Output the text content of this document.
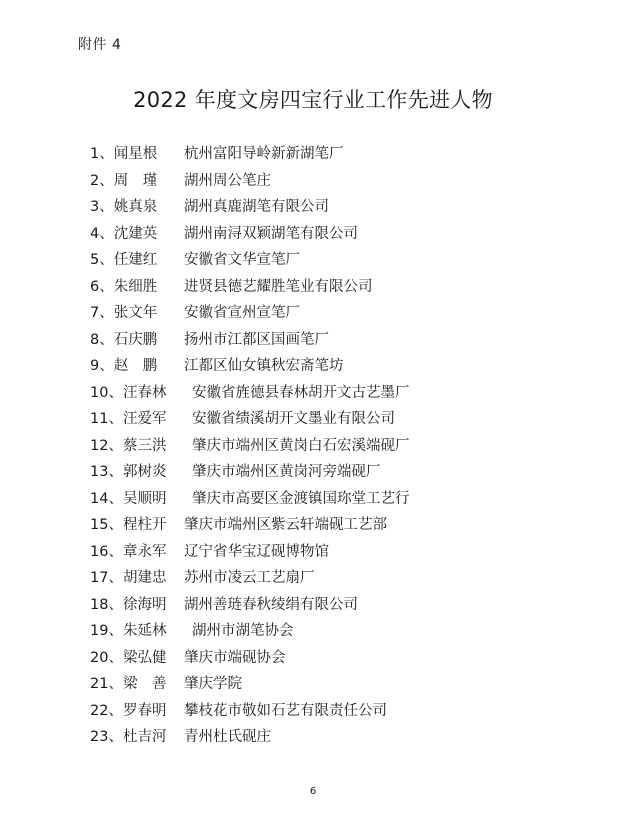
附件 4
2022 年度文房四宝行业工作先进人物
1、闻星根 杭州富阳导岭新新湖笔厂
2、周　瑾 湖州周公笔庄
3、姚真泉 湖州真鹿湖笔有限公司
4、沈建英 湖州南浔双颖湖笔有限公司
5、任建红 安徽省文华宣笔厂
6、朱细胜 进贤县德艺耀胜笔业有限公司
7、张文年 安徽省宣州宣笔厂
8、石庆鹏 扬州市江都区国画笔厂
9、赵　鹏 江都区仙女镇秋宏斋笔坊
10、汪春林 安徽省旌德县春林胡开文古艺墨厂
11、汪爱军 安徽省绩溪胡开文墨业有限公司
12、蔡三洪 肇庆市端州区黄岗白石宏溪端砚厂
13、郭树炎 肇庆市端州区黄岗河旁端砚厂
14、吴顺明 肇庆市高要区金渡镇国珎堂工艺行
15、程柱开 肇庆市端州区紫云轩端砚工艺部
16、章永军 辽宁省华宝辽砚博物馆
17、胡建忠 苏州市凌云工艺扇厂
18、徐海明 湖州善琏春秋绫绢有限公司
19、朱延林 湖州市湖笔协会
20、梁弘健 肇庆市端砚协会
21、梁　善 肇庆学院
22、罗春明 攀枝花市敬如石艺有限责任公司
23、杜吉河 青州杜氏砚庄
6
